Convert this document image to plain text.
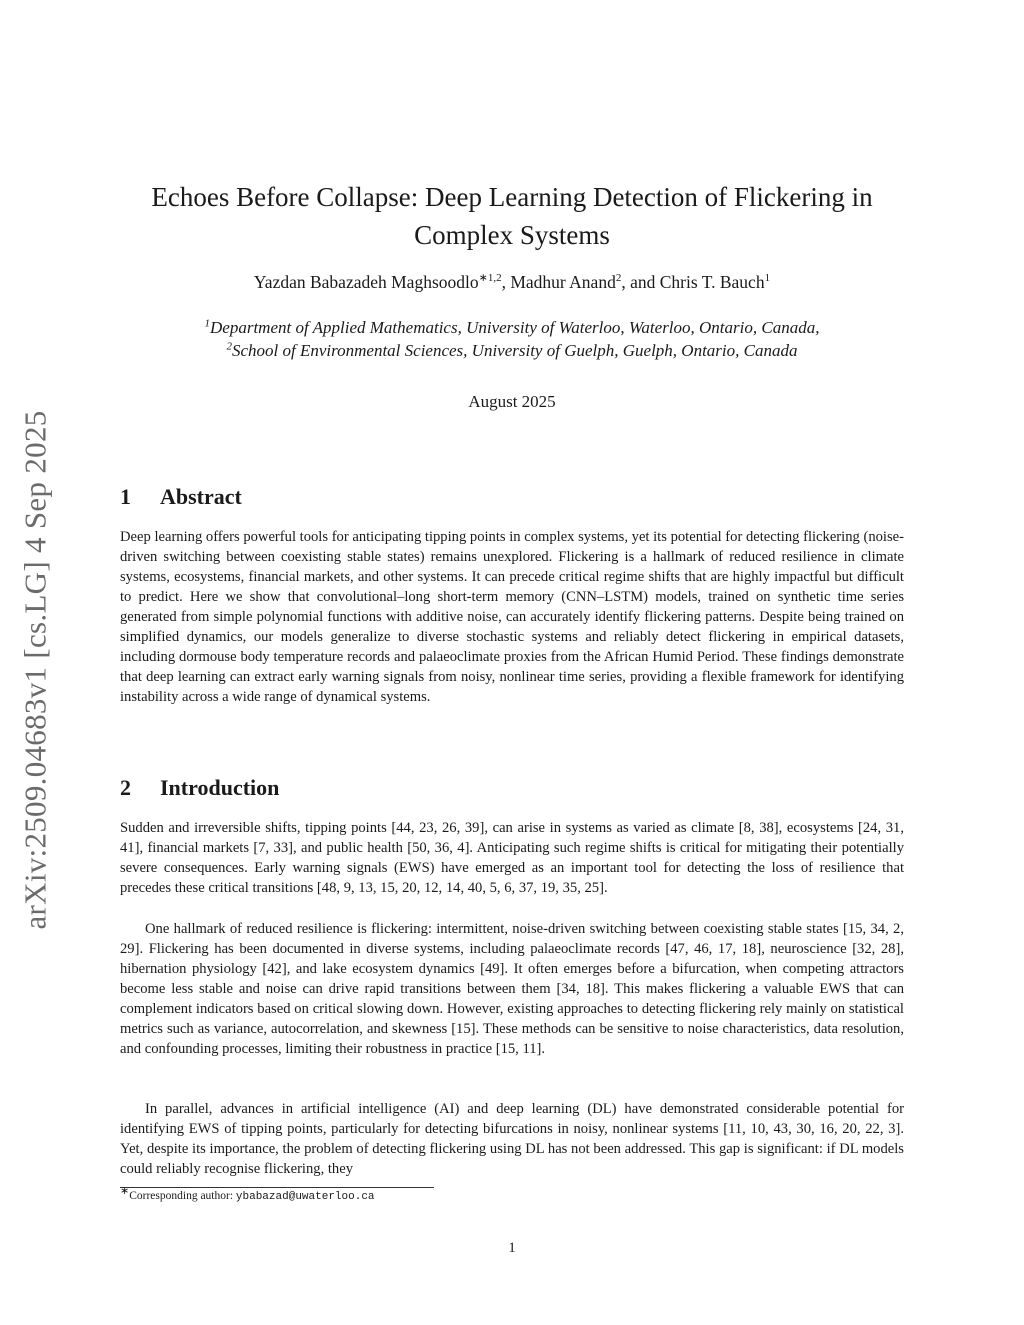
arXiv:2509.04683v1 [cs.LG] 4 Sep 2025
Echoes Before Collapse: Deep Learning Detection of Flickering in
Complex Systems
Yazdan Babazadeh Maghsoodlo$^{∗1,2}$, Madhur Anand$^2$, and Chris T. Bauch$^1$
$^1$Department of Applied Mathematics, University of Waterloo, Waterloo, Ontario, Canada,
$^2$School of Environmental Sciences, University of Guelph, Guelph, Ontario, Canada
August 2025
1 Abstract

Deep learning offers powerful tools for anticipating tipping points in complex systems, yet its potential for detecting flickering (noise-driven switching between coexisting stable states) remains unexplored. Flickering is a hallmark of reduced resilience in climate systems, ecosystems, financial markets, and other systems. It can precede critical regime shifts that are highly impactful but difficult to predict. Here we show that convolutional–long short-term memory (CNN–LSTM) models, trained on synthetic time series generated from simple polynomial functions with additive noise, can accurately identify flickering patterns. Despite being trained on simplified dynamics, our models generalize to diverse stochastic systems and reliably detect flickering in empirical datasets, including dormouse body temperature records and palaeoclimate proxies from the African Humid Period. These findings demonstrate that deep learning can extract early warning signals from noisy, nonlinear time series, providing a flexible framework for identifying instability across a wide range of dynamical systems.

2 Introduction

Sudden and irreversible shifts, tipping points [44, 23, 26, 39], can arise in systems as varied as climate [8, 38], ecosystems [24, 31, 41], financial markets [7, 33], and public health [50, 36, 4]. Anticipating such regime shifts is critical for mitigating their potentially severe consequences. Early warning signals (EWS) have emerged as an important tool for detecting the loss of resilience that precedes these critical transitions [48, 9, 13, 15, 20, 12, 14, 40, 5, 6, 37, 19, 35, 25].

One hallmark of reduced resilience is flickering: intermittent, noise-driven switching between coexisting stable states [15, 34, 2, 29]. Flickering has been documented in diverse systems, including palaeoclimate records [47, 46, 17, 18], neuroscience [32, 28], hibernation physiology [42], and lake ecosystem dynamics [49]. It often emerges before a bifurcation, when competing attractors become less stable and noise can drive rapid transitions between them [34, 18]. This makes flickering a valuable EWS that can complement indicators based on critical slowing down. However, existing approaches to detecting flickering rely mainly on statistical metrics such as variance, autocorrelation, and skewness [15]. These methods can be sensitive to noise characteristics, data resolution, and confounding processes, limiting their robustness in practice [15, 11].

In parallel, advances in artificial intelligence (AI) and deep learning (DL) have demonstrated considerable potential for identifying EWS of tipping points, particularly for detecting bifurcations in noisy, nonlinear systems [11, 10, 43, 30, 16, 20, 22, 3]. Yet, despite its importance, the problem of detecting flickering using DL has not been addressed. This gap is significant: if DL models could reliably recognise flickering, they

∗Corresponding author: ybabazad@uwaterloo.ca
1
